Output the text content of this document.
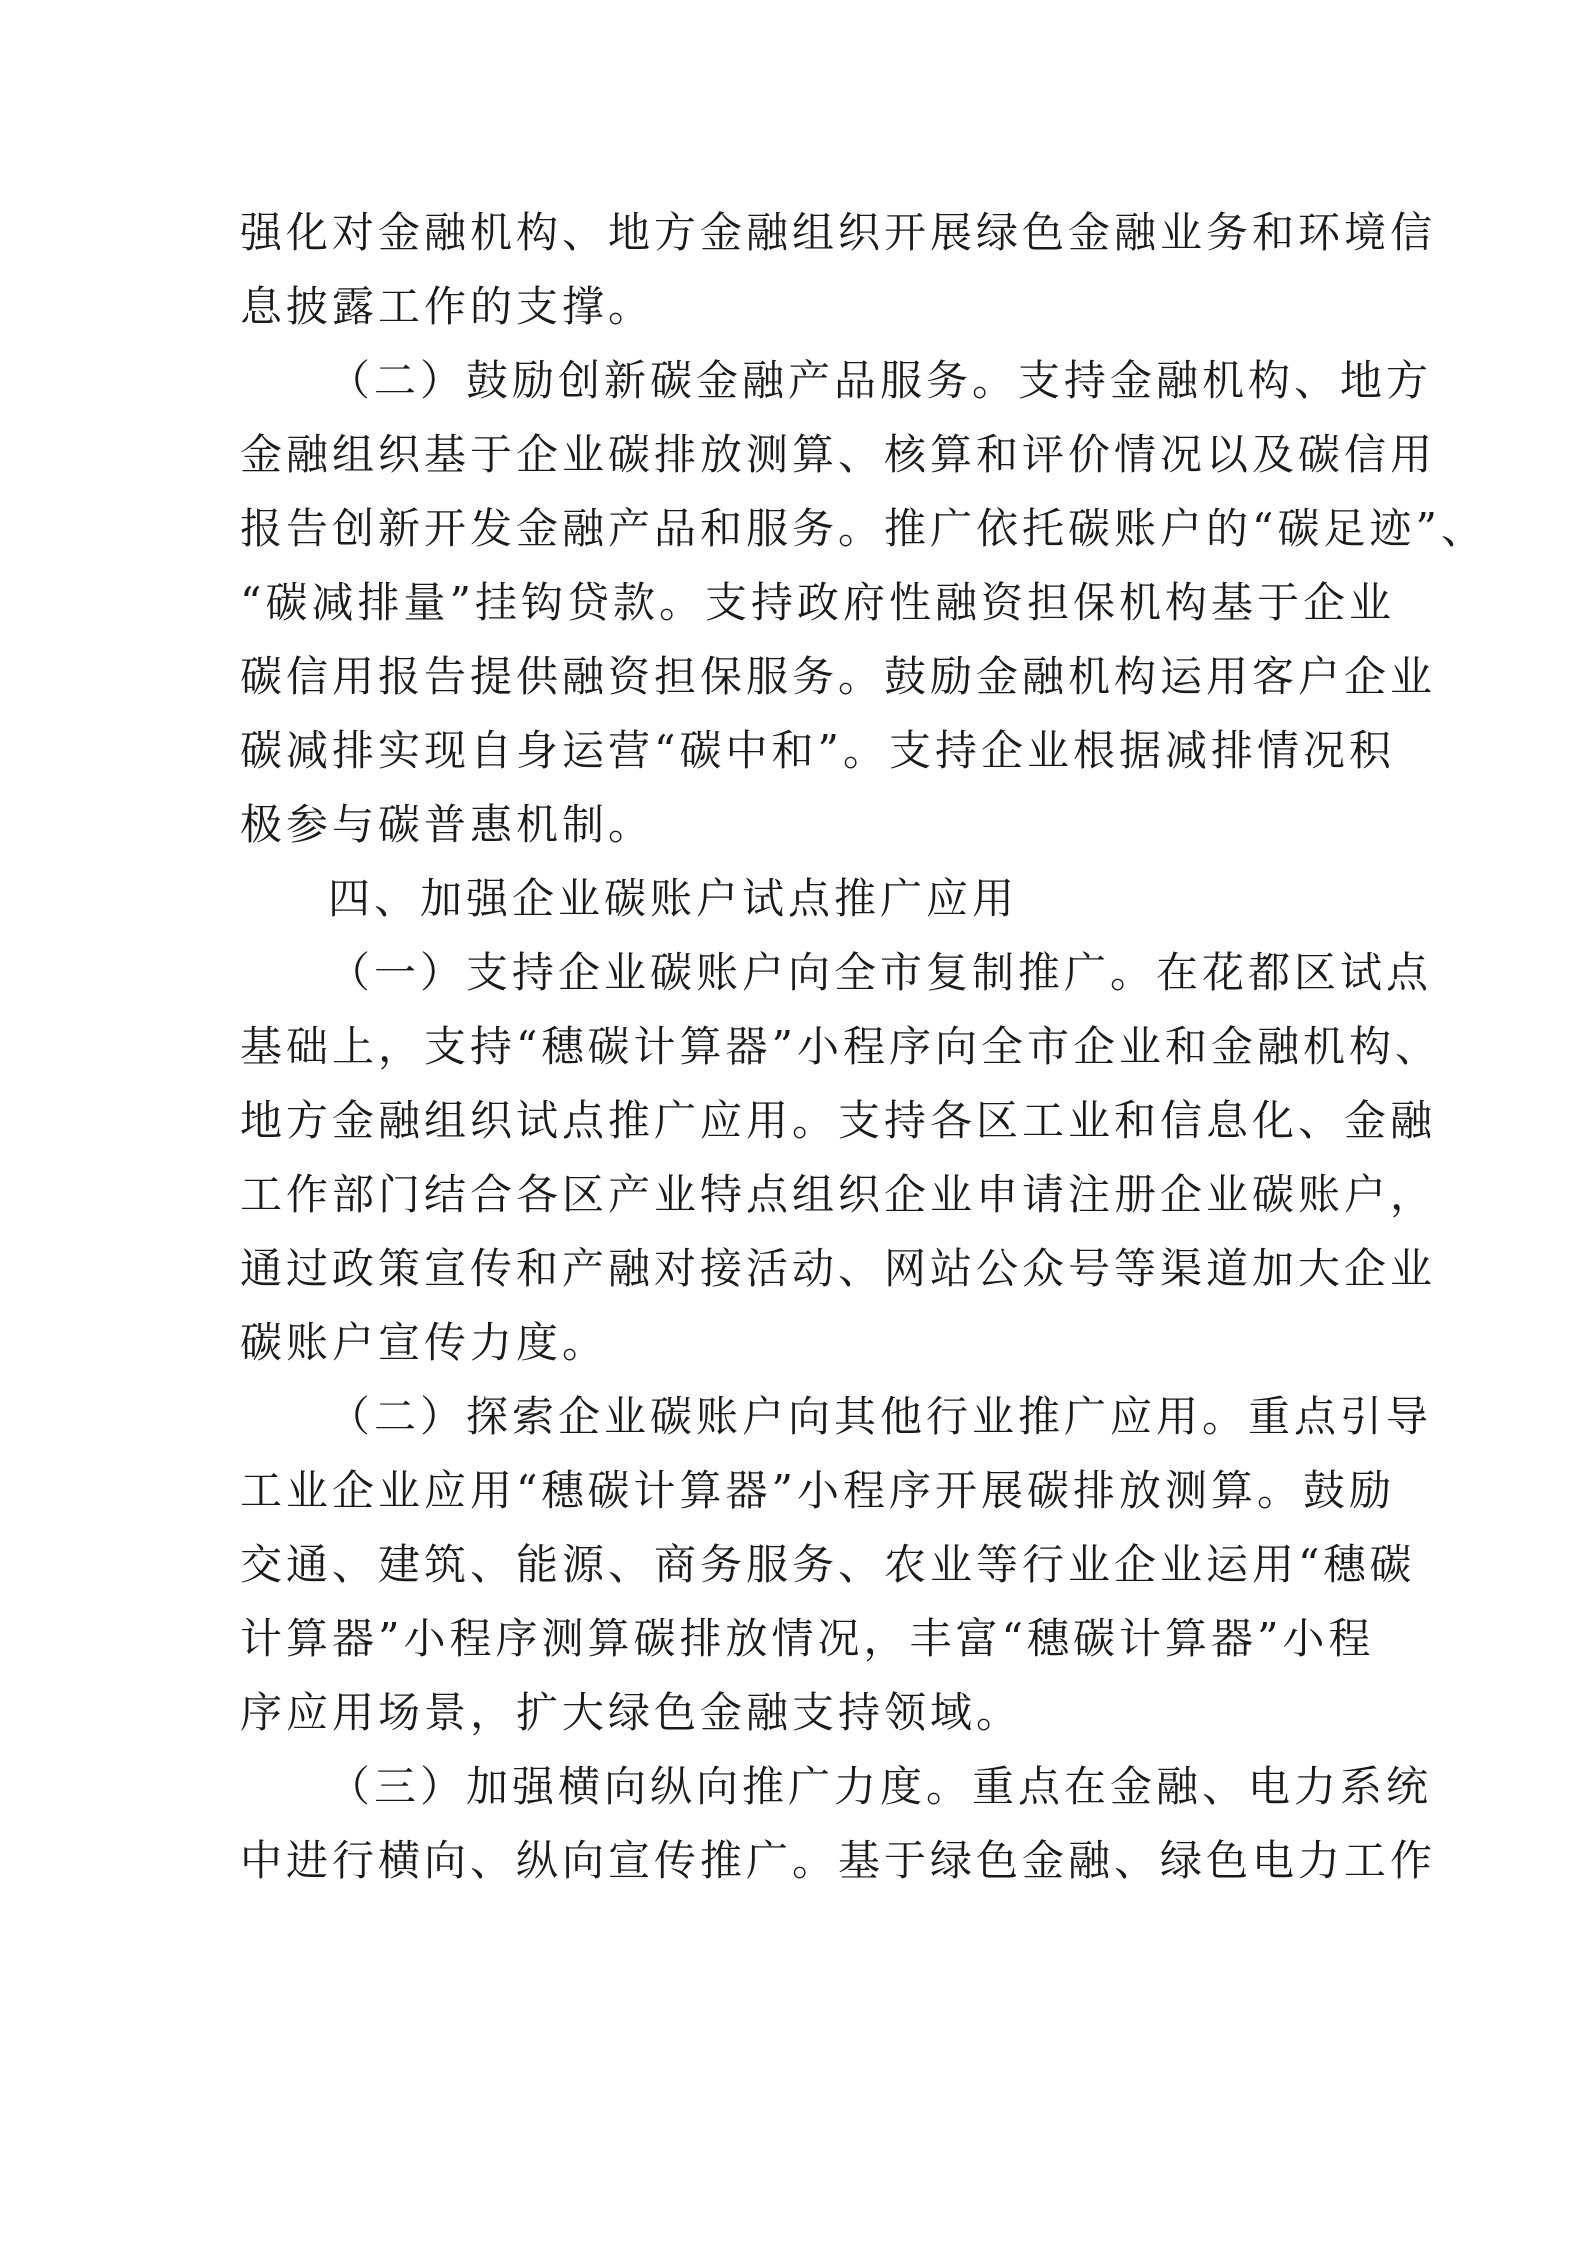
强化对金融机构、地方金融组织开展绿色金融业务和环境信
息披露工作的支撑。
（二）鼓励创新碳金融产品服务。支持金融机构、地方
金融组织基于企业碳排放测算、核算和评价情况以及碳信用
报告创新开发金融产品和服务。推广依托碳账户的“碳足迹”、
“碳减排量”挂钩贷款。支持政府性融资担保机构基于企业
碳信用报告提供融资担保服务。鼓励金融机构运用客户企业
碳减排实现自身运营“碳中和”。支持企业根据减排情况积
极参与碳普惠机制。
四、加强企业碳账户试点推广应用
（一）支持企业碳账户向全市复制推广。在花都区试点
基础上，支持“穗碳计算器”小程序向全市企业和金融机构、
地方金融组织试点推广应用。支持各区工业和信息化、金融
工作部门结合各区产业特点组织企业申请注册企业碳账户，
通过政策宣传和产融对接活动、网站公众号等渠道加大企业
碳账户宣传力度。
（二）探索企业碳账户向其他行业推广应用。重点引导
工业企业应用“穗碳计算器”小程序开展碳排放测算。鼓励
交通、建筑、能源、商务服务、农业等行业企业运用“穗碳
计算器”小程序测算碳排放情况，丰富“穗碳计算器”小程
序应用场景，扩大绿色金融支持领域。
（三）加强横向纵向推广力度。重点在金融、电力系统
中进行横向、纵向宣传推广。基于绿色金融、绿色电力工作
